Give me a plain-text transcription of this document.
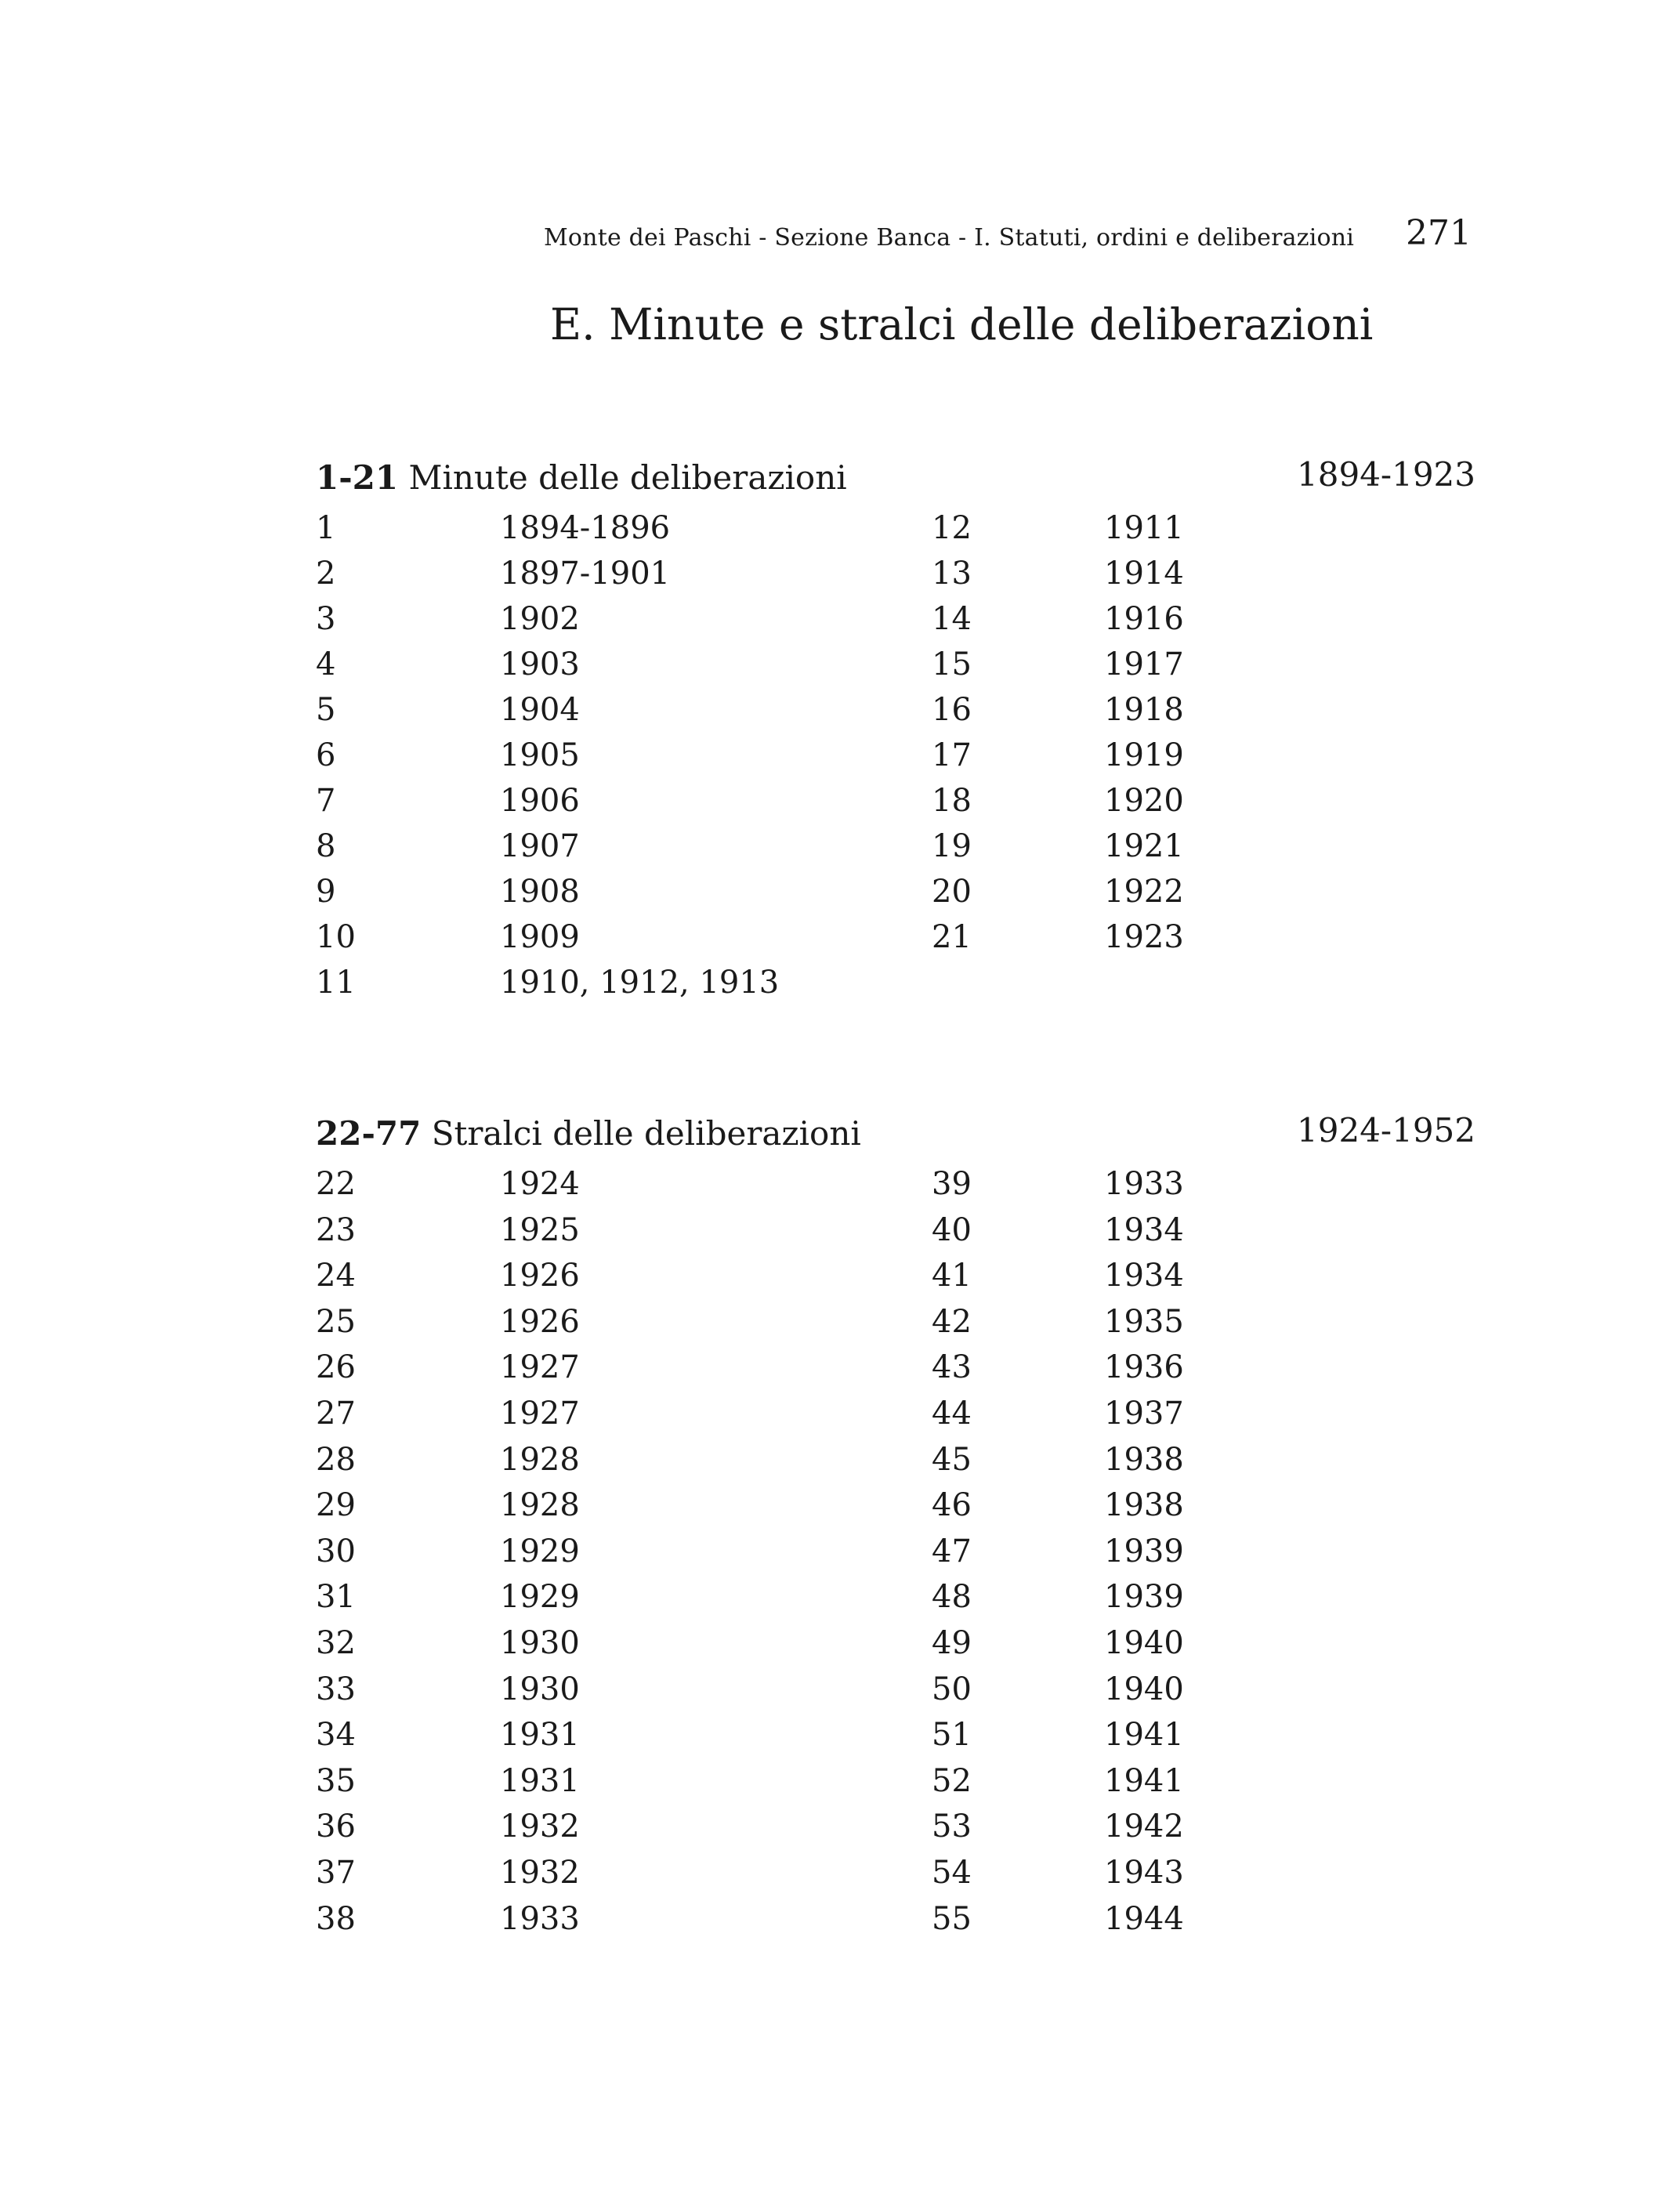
Monte dei Paschi - Sezione Banca - I. Statuti, ordini e deliberazioni 271
E. Minute e stralci delle deliberazioni
1-21 Minute delle deliberazioni	1894-1923
1	1894-1896
2	1897-1901
3	1902
4	1903
5	1904
6	1905
7	1906
8	1907
9	1908
10	1909
11	1910, 1912, 1913
12	1911
13	1914
14	1916
15	1917
16	1918
17	1919
18	1920
19	1921
20	1922
21	1923
22-77 Stralci delle deliberazioni	1924-1952
22	1924
23	1925
24	1926
25	1926
26	1927
27	1927
28	1928
29	1928
30	1929
31	1929
32	1930
33	1930
34	1931
35	1931
36	1932
37	1932
38	1933
39	1933
40	1934
41	1934
42	1935
43	1936
44	1937
45	1938
46	1938
47	1939
48	1939
49	1940
50	1940
51	1941
52	1941
53	1942
54	1943
55	1944
